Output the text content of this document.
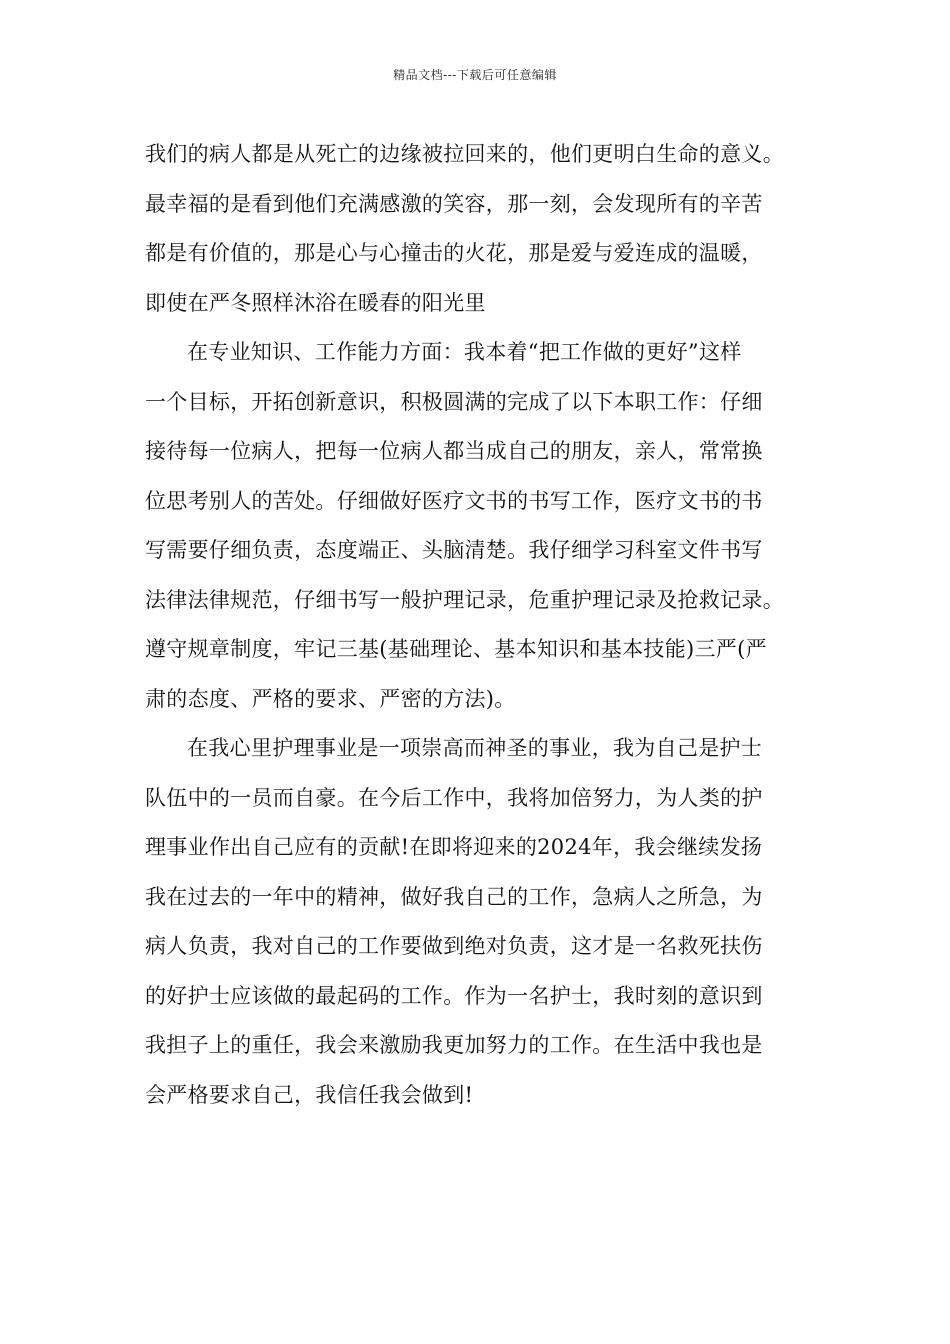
精品文档---下载后可任意编辑
我们的病人都是从死亡的边缘被拉回来的，他们更明白生命的意义。
最幸福的是看到他们充满感激的笑容，那一刻，会发现所有的辛苦
都是有价值的，那是心与心撞击的火花，那是爱与爱连成的温暖，
即使在严冬照样沐浴在暖春的阳光里
在专业知识、工作能力方面：我本着“把工作做的更好”这样
一个目标，开拓创新意识，积极圆满的完成了以下本职工作：仔细
接待每一位病人，把每一位病人都当成自己的朋友，亲人，常常换
位思考别人的苦处。仔细做好医疗文书的书写工作，医疗文书的书
写需要仔细负责，态度端正、头脑清楚。我仔细学习科室文件书写
法律法律规范，仔细书写一般护理记录，危重护理记录及抢救记录。
遵守规章制度，牢记三基(基础理论、基本知识和基本技能)三严(严
肃的态度、严格的要求、严密的方法)。
在我心里护理事业是一项崇高而神圣的事业，我为自己是护士
队伍中的一员而自豪。在今后工作中，我将加倍努力，为人类的护
理事业作出自己应有的贡献!在即将迎来的2024年，我会继续发扬
我在过去的一年中的精神，做好我自己的工作，急病人之所急，为
病人负责，我对自己的工作要做到绝对负责，这才是一名救死扶伤
的好护士应该做的最起码的工作。作为一名护士，我时刻的意识到
我担子上的重任，我会来激励我更加努力的工作。在生活中我也是
会严格要求自己，我信任我会做到!
